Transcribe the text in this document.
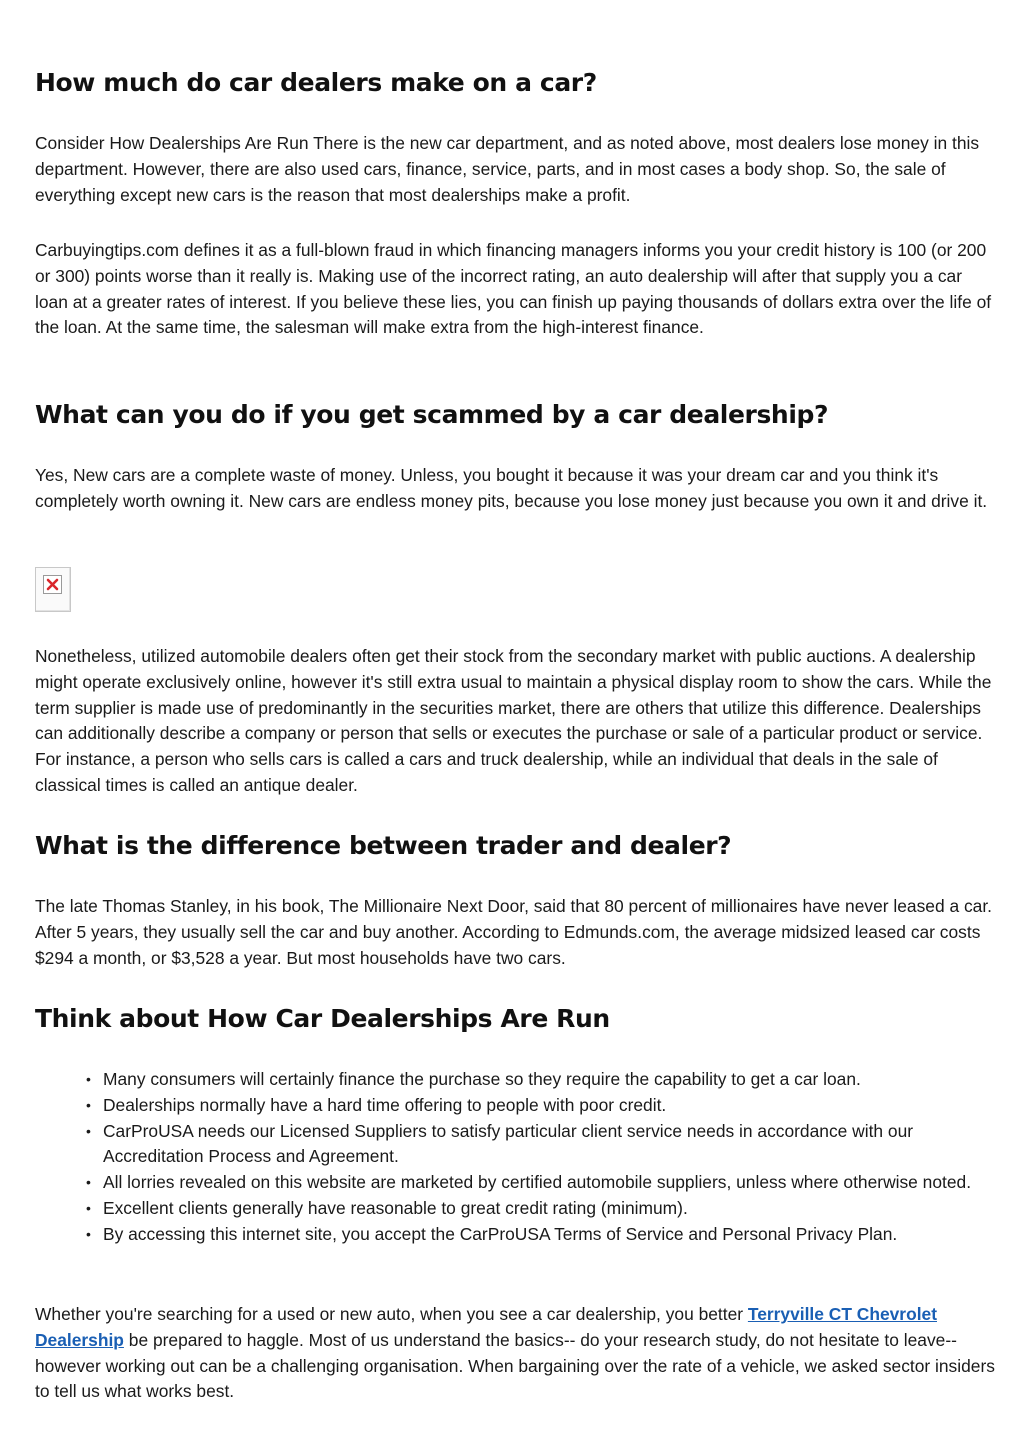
How much do car dealers make on a car?

Consider How Dealerships Are Run There is the new car department, and as noted above, most dealers lose money in this department. However, there are also used cars, finance, service, parts, and in most cases a body shop. So, the sale of everything except new cars is the reason that most dealerships make a profit.

Carbuyingtips.com defines it as a full-blown fraud in which financing managers informs you your credit history is 100 (or 200 or 300) points worse than it really is. Making use of the incorrect rating, an auto dealership will after that supply you a car loan at a greater rates of interest. If you believe these lies, you can finish up paying thousands of dollars extra over the life of the loan. At the same time, the salesman will make extra from the high-interest finance.

What can you do if you get scammed by a car dealership?

Yes, New cars are a complete waste of money. Unless, you bought it because it was your dream car and you think it's completely worth owning it. New cars are endless money pits, because you lose money just because you own it and drive it.

Nonetheless, utilized automobile dealers often get their stock from the secondary market with public auctions. A dealership might operate exclusively online, however it's still extra usual to maintain a physical display room to show the cars. While the term supplier is made use of predominantly in the securities market, there are others that utilize this difference. Dealerships can additionally describe a company or person that sells or executes the purchase or sale of a particular product or service. For instance, a person who sells cars is called a cars and truck dealership, while an individual that deals in the sale of classical times is called an antique dealer.

What is the difference between trader and dealer?

The late Thomas Stanley, in his book, The Millionaire Next Door, said that 80 percent of millionaires have never leased a car. After 5 years, they usually sell the car and buy another. According to Edmunds.com, the average midsized leased car costs $294 a month, or $3,528 a year. But most households have two cars.

Think about How Car Dealerships Are Run
• Many consumers will certainly finance the purchase so they require the capability to get a car loan.
• Dealerships normally have a hard time offering to people with poor credit.
• CarProUSA needs our Licensed Suppliers to satisfy particular client service needs in accordance with our Accreditation Process and Agreement.
• All lorries revealed on this website are marketed by certified automobile suppliers, unless where otherwise noted.
• Excellent clients generally have reasonable to great credit rating (minimum).
• By accessing this internet site, you accept the CarProUSA Terms of Service and Personal Privacy Plan.

Whether you're searching for a used or new auto, when you see a car dealership, you better Terryville CT Chevrolet Dealership be prepared to haggle. Most of us understand the basics-- do your research study, do not hesitate to leave-- however working out can be a challenging organisation. When bargaining over the rate of a vehicle, we asked sector insiders to tell us what works best.
